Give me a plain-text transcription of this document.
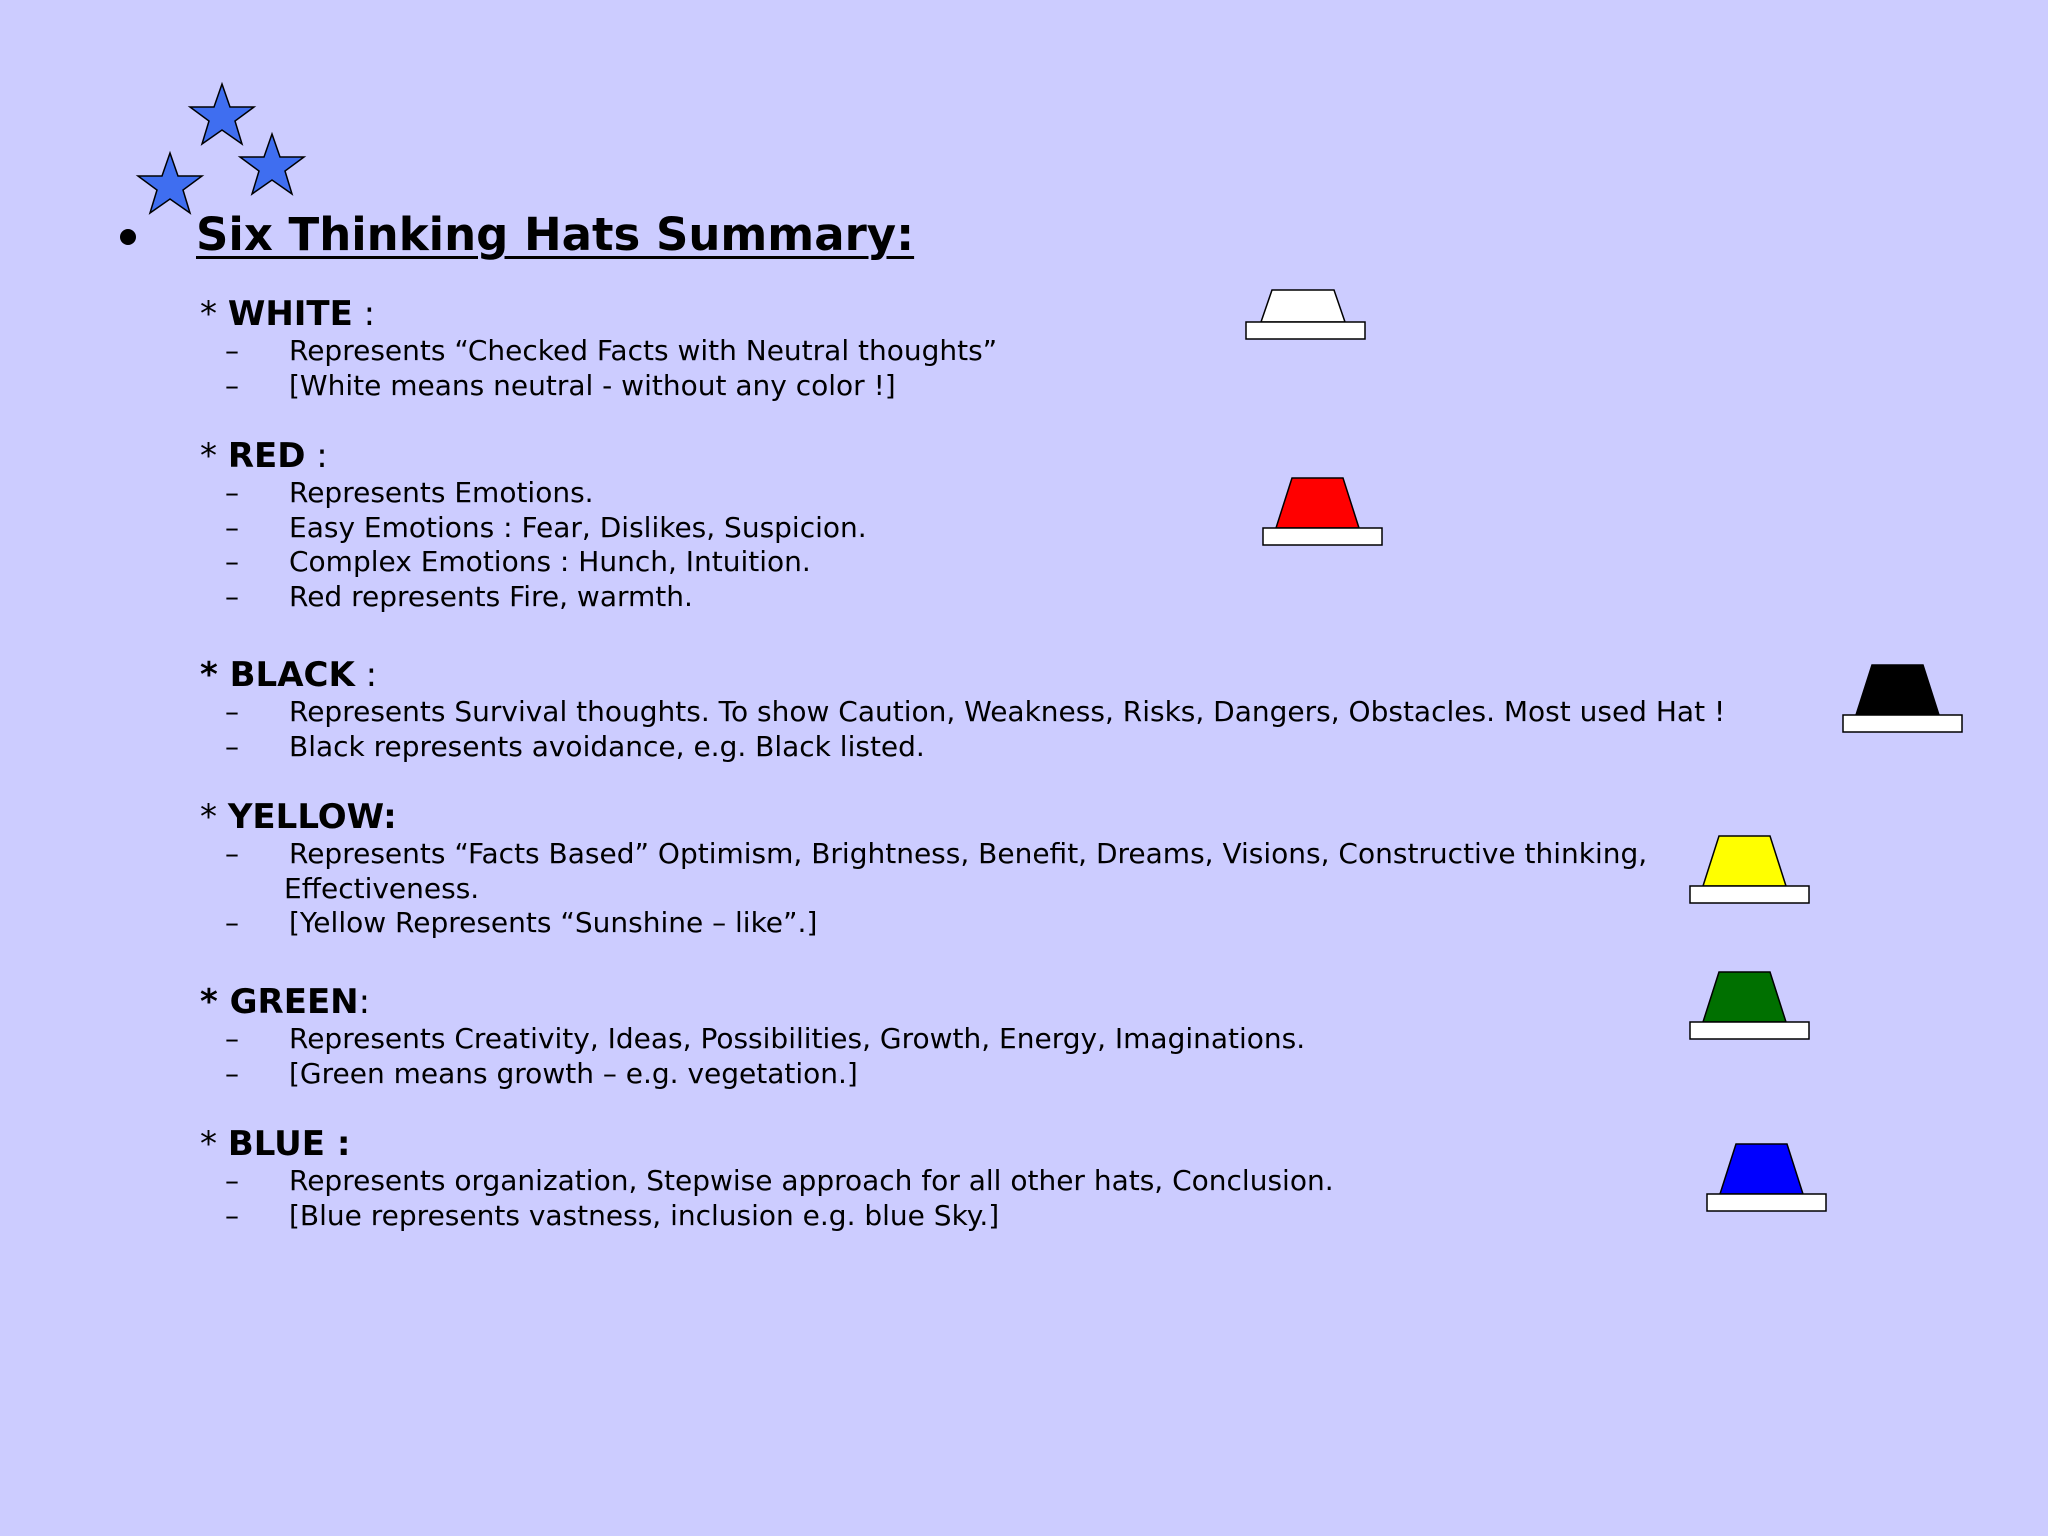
Six Thinking Hats Summary:
* WHITE :
– Represents “Checked Facts with Neutral thoughts”
– [White means neutral - without any color !]
* RED :
– Represents Emotions.
– Easy Emotions : Fear, Dislikes, Suspicion.
– Complex Emotions : Hunch, Intuition.
– Red represents Fire, warmth.
* BLACK :
– Represents Survival thoughts. To show Caution, Weakness, Risks, Dangers, Obstacles. Most used Hat !
– Black represents avoidance, e.g. Black listed.
* YELLOW:
– Represents “Facts Based” Optimism, Brightness, Benefit, Dreams, Visions, Constructive thinking,
Effectiveness.
– [Yellow Represents “Sunshine – like”.]
* GREEN:
– Represents Creativity, Ideas, Possibilities, Growth, Energy, Imaginations.
– [Green means growth – e.g. vegetation.]
* BLUE :
– Represents organization, Stepwise approach for all other hats, Conclusion.
– [Blue represents vastness, inclusion e.g. blue Sky.]
